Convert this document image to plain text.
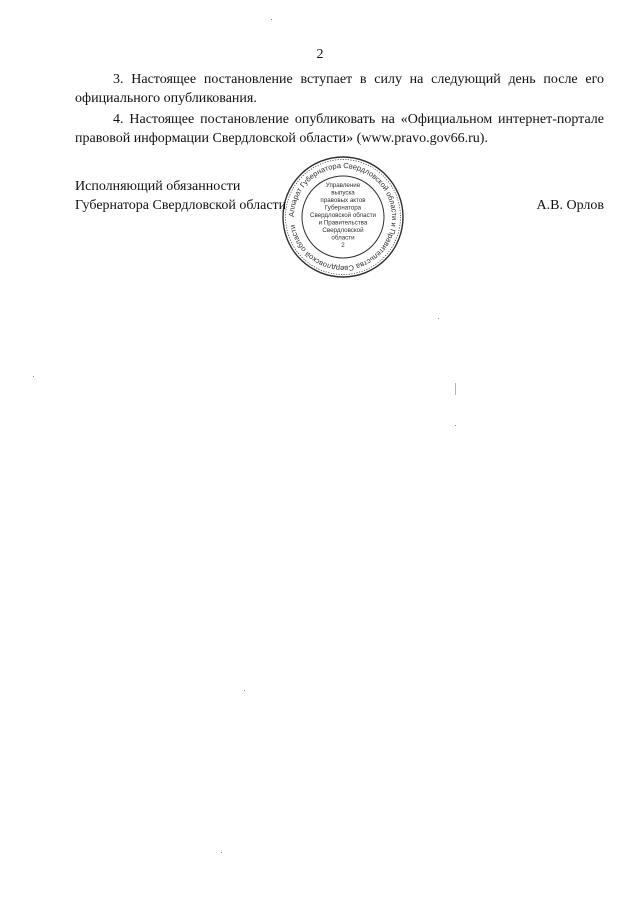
2

3. Настоящее постановление вступает в силу на следующий день после его официального опубликования.

4. Настоящее постановление опубликовать на «Официальном интернет-портале правовой информации Свердловской области» (www.pravo.gov66.ru).

Исполняющий обязанности
Губернатора Свердловской области	А.В. Орлов
Аппарат Губернатора Свердловской области и Правительства Свердловской области
Управление
выпуска
правовых актов
Губернатора
Свердловской области
и Правительства
Свердловской
области
2
